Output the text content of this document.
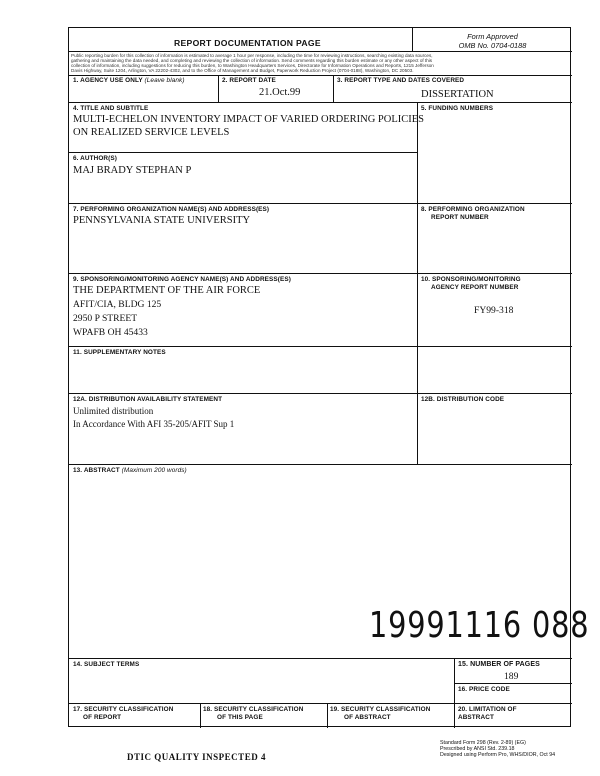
REPORT DOCUMENTATION PAGE
Form Approved
OMB No. 0704-0188
Public reporting burden for this collection of information is estimated to average 1 hour per response, including the time for reviewing instructions, searching existing data sources,
gathering and maintaining the data needed, and completing and reviewing the collection of information. Send comments regarding this burden estimate or any other aspect of this
collection of information, including suggestions for reducing this burden, to Washington Headquarters Services, Directorate for Information Operations and Reports, 1215 Jefferson
Davis Highway, Suite 1204, Arlington, VA 22202-4302, and to the Office of Management and Budget, Paperwork Reduction Project (0704-0188), Washington, DC 20503.
1. AGENCY USE ONLY (Leave blank)	2. REPORT DATE
21.Oct.99
3. REPORT TYPE AND DATES COVERED
DISSERTATION
4. TITLE AND SUBTITLE
MULTI-ECHELON INVENTORY IMPACT OF VARIED ORDERING POLICIES
ON REALIZED SERVICE LEVELS
5. FUNDING NUMBERS
6. AUTHOR(S)
MAJ BRADY STEPHAN P
7. PERFORMING ORGANIZATION NAME(S) AND ADDRESS(ES)
PENNSYLVANIA STATE UNIVERSITY
8. PERFORMING ORGANIZATION
REPORT NUMBER
9. SPONSORING/MONITORING AGENCY NAME(S) AND ADDRESS(ES)
THE DEPARTMENT OF THE AIR FORCE
AFIT/CIA, BLDG 125
2950 P STREET
WPAFB OH 45433
10. SPONSORING/MONITORING
AGENCY REPORT NUMBER
FY99-318
11. SUPPLEMENTARY NOTES
12A. DISTRIBUTION AVAILABILITY STATEMENT
Unlimited distribution
In Accordance With AFI 35-205/AFIT Sup 1
12B. DISTRIBUTION CODE
13. ABSTRACT (Maximum 200 words)
19991116 088
14. SUBJECT TERMS	15. NUMBER OF PAGES
189
16. PRICE CODE
17. SECURITY CLASSIFICATION
OF REPORT
18. SECURITY CLASSIFICATION
OF THIS PAGE
19. SECURITY CLASSIFICATION
OF ABSTRACT
20. LIMITATION OF
ABSTRACT
DTIC QUALITY INSPECTED 4
Standard Form 298 (Rev. 2-89) (EG)
Prescribed by ANSI Std. 239.18
Designed using Perform Pro, WHS/DIOR, Oct 94
